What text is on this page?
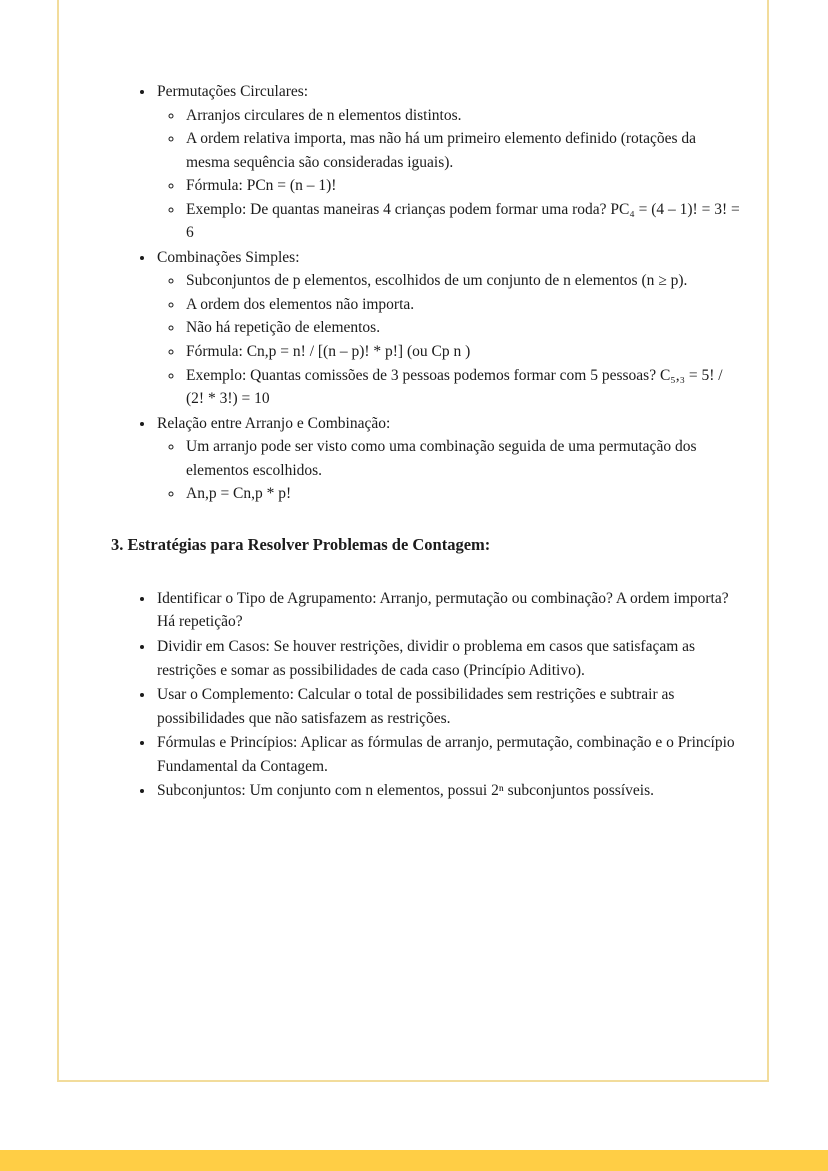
• Permutações Circulares:
◦ Arranjos circulares de n elementos distintos.
◦ A ordem relativa importa, mas não há um primeiro elemento definido (rotações da mesma sequência são consideradas iguais).
◦ Fórmula: PCn = (n – 1)!
◦ Exemplo: De quantas maneiras 4 crianças podem formar uma roda? PC₄ = (4 – 1)! = 3! = 6
• Combinações Simples:
◦ Subconjuntos de p elementos, escolhidos de um conjunto de n elementos (n ≥ p).
◦ A ordem dos elementos não importa.
◦ Não há repetição de elementos.
◦ Fórmula: Cn,p = n! / [(n – p)! * p!] (ou Cp n )
◦ Exemplo: Quantas comissões de 3 pessoas podemos formar com 5 pessoas? C₅,₃ = 5! / (2! * 3!) = 10
• Relação entre Arranjo e Combinação:
◦ Um arranjo pode ser visto como uma combinação seguida de uma permutação dos elementos escolhidos.
◦ An,p = Cn,p * p!
3. Estratégias para Resolver Problemas de Contagem:
• Identificar o Tipo de Agrupamento: Arranjo, permutação ou combinação? A ordem importa? Há repetição?
• Dividir em Casos: Se houver restrições, dividir o problema em casos que satisfaçam as restrições e somar as possibilidades de cada caso (Princípio Aditivo).
• Usar o Complemento: Calcular o total de possibilidades sem restrições e subtrair as possibilidades que não satisfazem as restrições.
• Fórmulas e Princípios: Aplicar as fórmulas de arranjo, permutação, combinação e o Princípio Fundamental da Contagem.
• Subconjuntos: Um conjunto com n elementos, possui 2ⁿ subconjuntos possíveis.
